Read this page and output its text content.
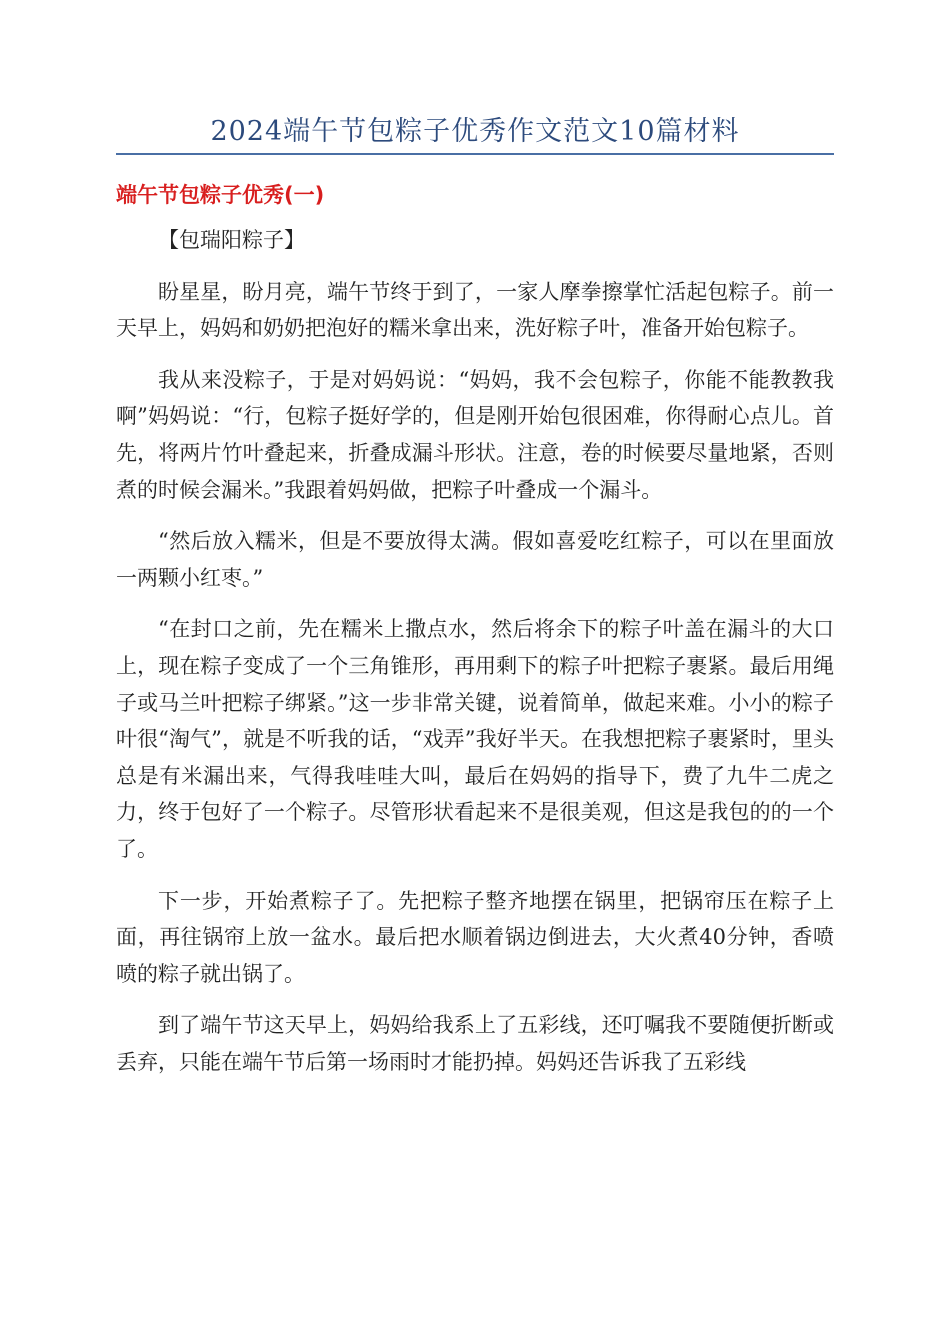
2024端午节包粽子优秀作文范文10篇材料
端午节包粽子优秀(一)

【包瑞阳粽子】

盼星星，盼月亮，端午节终于到了，一家人摩拳擦掌忙活起包粽子。前一天早上，妈妈和奶奶把泡好的糯米拿出来，洗好粽子叶，准备开始包粽子。

我从来没粽子，于是对妈妈说：“妈妈，我不会包粽子，你能不能教教我啊”妈妈说：“行，包粽子挺好学的，但是刚开始包很困难，你得耐心点儿。首先，将两片竹叶叠起来，折叠成漏斗形状。注意，卷的时候要尽量地紧，否则煮的时候会漏米。”我跟着妈妈做，把粽子叶叠成一个漏斗。

“然后放入糯米，但是不要放得太满。假如喜爱吃红粽子，可以在里面放一两颗小红枣。”

“在封口之前，先在糯米上撒点水，然后将余下的粽子叶盖在漏斗的大口上，现在粽子变成了一个三角锥形，再用剩下的粽子叶把粽子裹紧。最后用绳子或马兰叶把粽子绑紧。”这一步非常关键，说着简单，做起来难。小小的粽子叶很“淘气”，就是不听我的话，“戏弄”我好半天。在我想把粽子裹紧时，里头总是有米漏出来，气得我哇哇大叫，最后在妈妈的指导下，费了九牛二虎之力，终于包好了一个粽子。尽管形状看起来不是很美观，但这是我包的的一个了。

下一步，开始煮粽子了。先把粽子整齐地摆在锅里，把锅帘压在粽子上面，再往锅帘上放一盆水。最后把水顺着锅边倒进去，大火煮40分钟，香喷喷的粽子就出锅了。

到了端午节这天早上，妈妈给我系上了五彩线，还叮嘱我不要随便折断或丢弃，只能在端午节后第一场雨时才能扔掉。妈妈还告诉我了五彩线
